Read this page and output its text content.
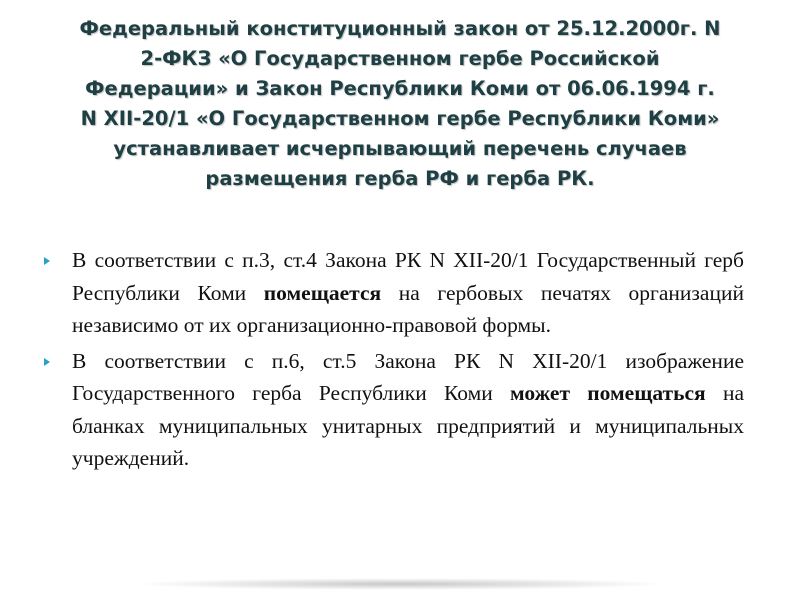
Федеральный конституционный закон от 25.12.2000г. N
2-ФКЗ «О Государственном гербе Российской
Федерации» и Закон Республики Коми от 06.06.1994 г.
N XII-20/1 «О Государственном гербе Республики Коми»
устанавливает исчерпывающий перечень случаев
размещения герба РФ и герба РК.
В соответствии с п.3, ст.4 Закона РК N XII-20/1 Государственный герб Республики Коми помещается на гербовых печатях организаций независимо от их организационно-правовой формы.
В соответствии с п.6, ст.5 Закона РК N XII-20/1 изображение Государственного герба Республики Коми может помещаться на бланках муниципальных унитарных предприятий и муниципальных учреждений.
